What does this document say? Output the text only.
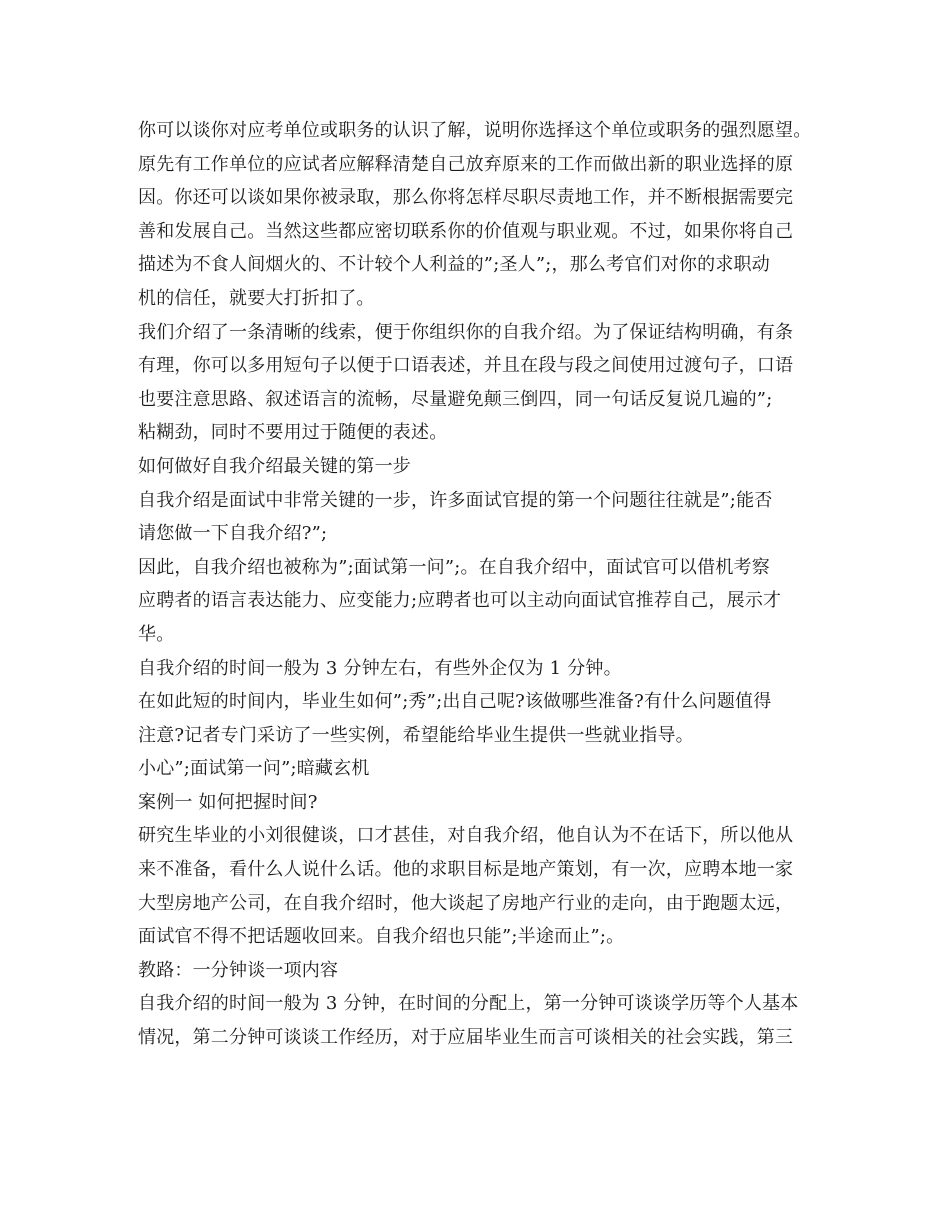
你可以谈你对应考单位或职务的认识了解，说明你选择这个单位或职务的强烈愿望。
原先有工作单位的应试者应解释清楚自己放弃原来的工作而做出新的职业选择的原
因。你还可以谈如果你被录取，那么你将怎样尽职尽责地工作，并不断根据需要完
善和发展自己。当然这些都应密切联系你的价值观与职业观。不过，如果你将自己
描述为不食人间烟火的、不计较个人利益的”;圣人”;，那么考官们对你的求职动
机的信任，就要大打折扣了。
我们介绍了一条清晰的线索，便于你组织你的自我介绍。为了保证结构明确，有条
有理，你可以多用短句子以便于口语表述，并且在段与段之间使用过渡句子，口语
也要注意思路、叙述语言的流畅，尽量避免颠三倒四，同一句话反复说几遍的”;
粘糊劲，同时不要用过于随便的表述。
如何做好自我介绍最关键的第一步
自我介绍是面试中非常关键的一步，许多面试官提的第一个问题往往就是”;能否
请您做一下自我介绍?”;
因此，自我介绍也被称为”;面试第一问”;。在自我介绍中，面试官可以借机考察
应聘者的语言表达能力、应变能力;应聘者也可以主动向面试官推荐自己，展示才
华。
自我介绍的时间一般为 3 分钟左右，有些外企仅为 1 分钟。
在如此短的时间内，毕业生如何”;秀”;出自己呢?该做哪些准备?有什么问题值得
注意?记者专门采访了一些实例，希望能给毕业生提供一些就业指导。
小心”;面试第一问”;暗藏玄机
案例一 如何把握时间?
研究生毕业的小刘很健谈，口才甚佳，对自我介绍，他自认为不在话下，所以他从
来不准备，看什么人说什么话。他的求职目标是地产策划，有一次，应聘本地一家
大型房地产公司，在自我介绍时，他大谈起了房地产行业的走向，由于跑题太远，
面试官不得不把话题收回来。自我介绍也只能”;半途而止”;。
教路：一分钟谈一项内容
自我介绍的时间一般为 3 分钟，在时间的分配上，第一分钟可谈谈学历等个人基本
情况，第二分钟可谈谈工作经历，对于应届毕业生而言可谈相关的社会实践，第三
